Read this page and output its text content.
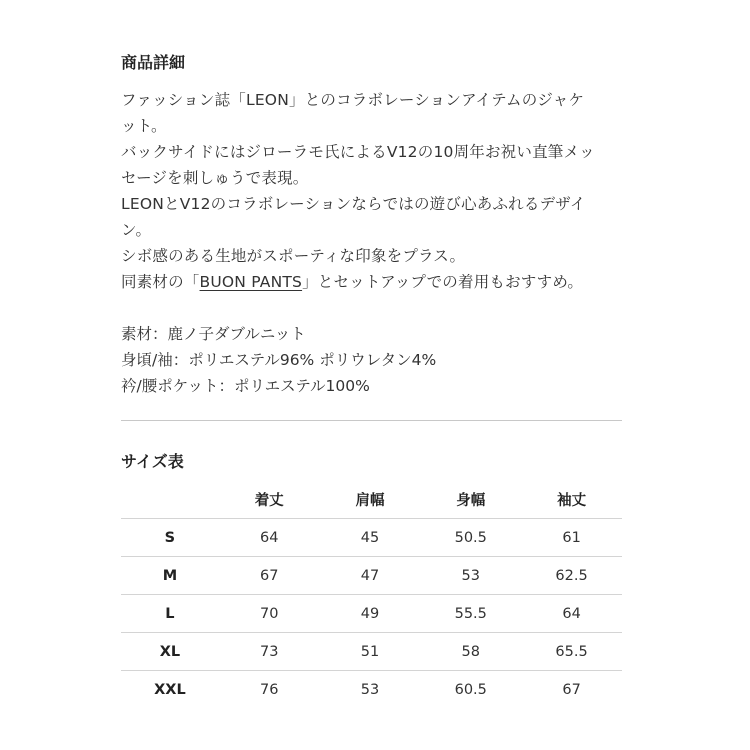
商品詳細
ファッション誌「LEON」とのコラボレーションアイテムのジャケ
ット。
バックサイドにはジローラモ氏によるV12の10周年お祝い直筆メッ
セージを刺しゅうで表現。
LEONとV12のコラボレーションならではの遊び心あふれるデザイ
ン。
シボ感のある生地がスポーティな印象をプラス。
同素材の「BUON PANTS」とセットアップでの着用もおすすめ。
素材：鹿ノ子ダブルニット
身頃/袖：ポリエステル96% ポリウレタン4%
衿/腰ポケット：ポリエステル100%
サイズ表
	着丈	肩幅	身幅	袖丈
S	64	45	50.5	61
M	67	47	53	62.5
L	70	49	55.5	64
XL	73	51	58	65.5
XXL	76	53	60.5	67
